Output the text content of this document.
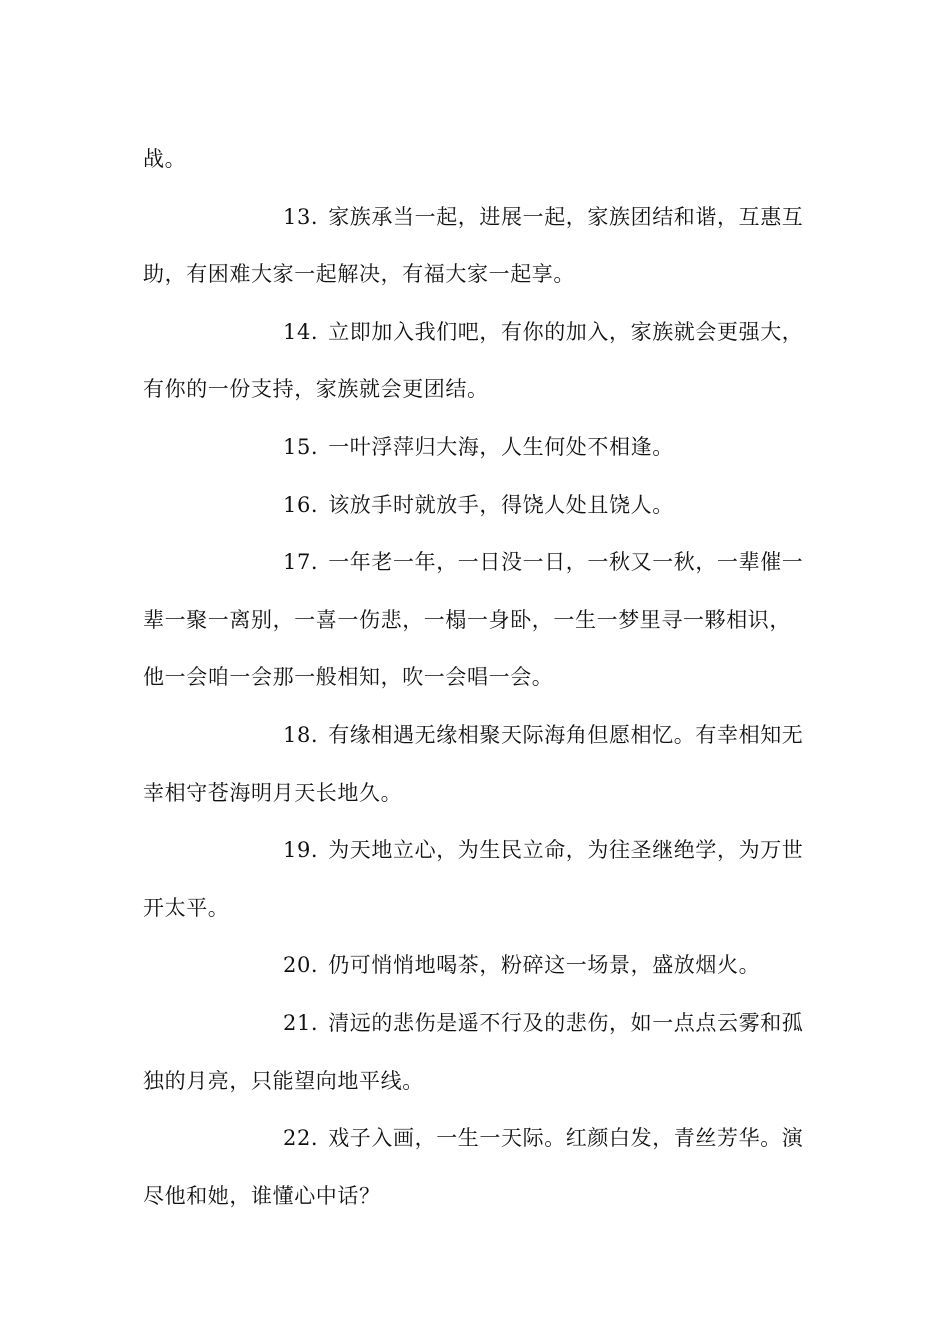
战。

13. 家族承当一起，进展一起，家族团结和谐，互惠互助，有困难大家一起解决，有福大家一起享。

14. 立即加入我们吧，有你的加入，家族就会更强大，有你的一份支持，家族就会更团结。

15. 一叶浮萍归大海，人生何处不相逢。

16. 该放手时就放手，得饶人处且饶人。

17. 一年老一年，一日没一日，一秋又一秋，一辈催一辈一聚一离别，一喜一伤悲，一榻一身卧，一生一梦里寻一夥相识，他一会咱一会那一般相知，吹一会唱一会。

18. 有缘相遇无缘相聚天际海角但愿相忆。有幸相知无幸相守苍海明月天长地久。

19. 为天地立心，为生民立命，为往圣继绝学，为万世开太平。

20. 仍可悄悄地喝茶，粉碎这一场景，盛放烟火。

21. 清远的悲伤是遥不行及的悲伤，如一点点云雾和孤独的月亮，只能望向地平线。

22. 戏子入画，一生一天际。红颜白发，青丝芳华。演尽他和她，谁懂心中话？
